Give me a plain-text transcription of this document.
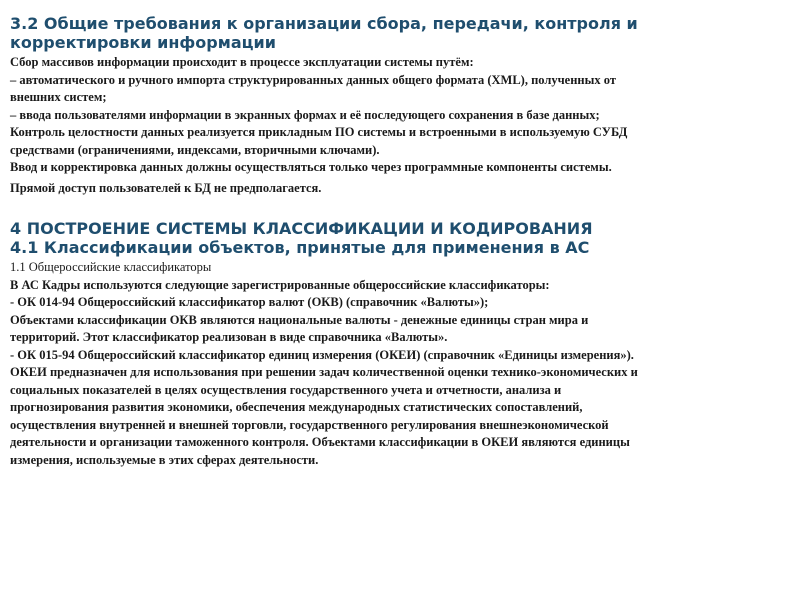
3.2 Общие требования к организации сбора, передачи, контроля и

корректировки информации

Сбор массивов информации происходит в процессе эксплуатации системы путём:

– автоматического и ручного импорта структурированных данных общего формата (XML), полученных от

внешних систем;

– ввода пользователями информации в экранных формах и её последующего сохранения в базе данных;

Контроль целостности данных реализуется прикладным ПО системы и встроенными в используемую СУБД

средствами (ограничениями, индексами, вторичными ключами).

Ввод и корректировка данных должны осуществляться только через программные компоненты системы.

Прямой доступ пользователей к БД не предполагается.

4 ПОСТРОЕНИЕ СИСТЕМЫ КЛАССИФИКАЦИИ И КОДИРОВАНИЯ

4.1 Классификации объектов, принятые для применения в АС

1.1 Общероссийские классификаторы

В АС Кадры используются следующие зарегистрированные общероссийские классификаторы:

- ОК 014-94 Общероссийский классификатор валют (ОКВ) (справочник «Валюты»);

Объектами классификации ОКВ являются национальные валюты - денежные единицы стран мира и

территорий. Этот классификатор реализован в виде справочника «Валюты».

- ОК 015-94 Общероссийский классификатор единиц измерения (ОКЕИ) (справочник «Единицы измерения»).

ОКЕИ предназначен для использования при решении задач количественной оценки технико-экономических и

социальных показателей в целях осуществления государственного учета и отчетности, анализа и

прогнозирования развития экономики, обеспечения международных статистических сопоставлений,

осуществления внутренней и внешней торговли, государственного регулирования внешнеэкономической

деятельности и организации таможенного контроля. Объектами классификации в ОКЕИ являются единицы

измерения, используемые в этих сферах деятельности.
